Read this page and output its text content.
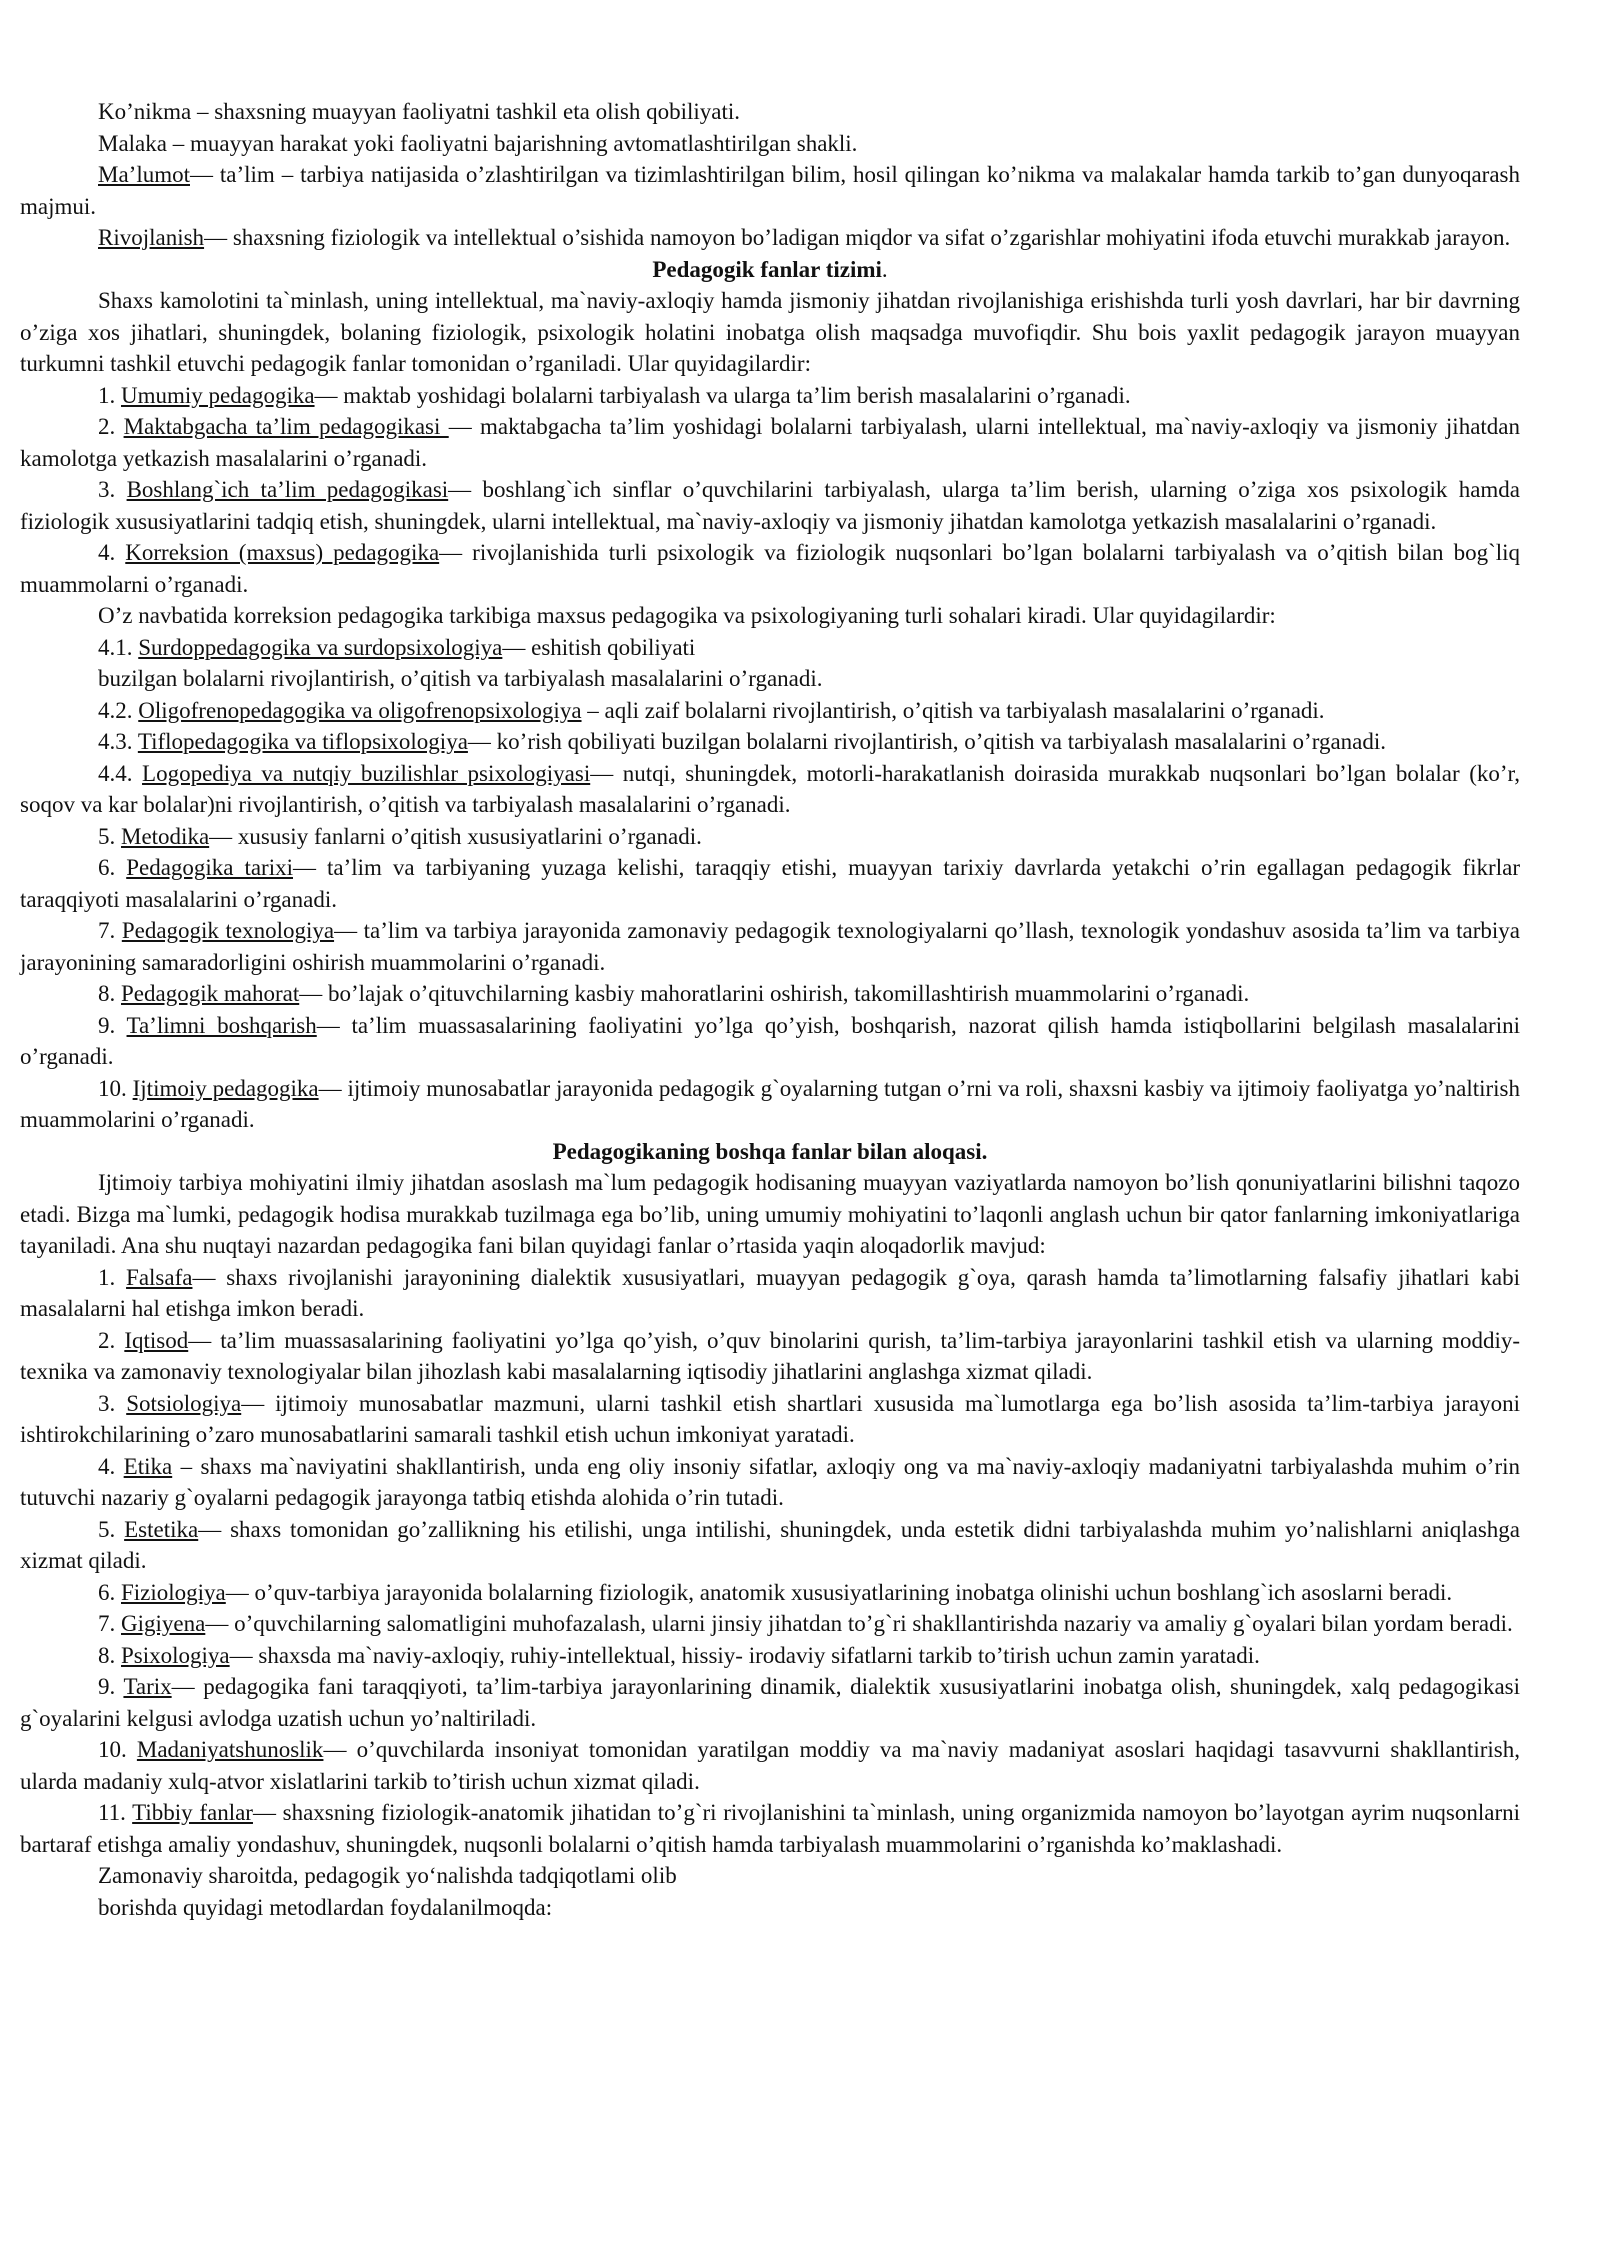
Ko’nikma – shaxsning muayyan faoliyatni tashkil eta olish qobiliyati.

Malaka – muayyan harakat yoki faoliyatni bajarishning avtomatlashtirilgan shakli.

Ma’lumot— ta’lim – tarbiya natijasida o’zlashtirilgan va tizimlashtirilgan bilim, hosil qilingan ko’nikma va malakalar hamda tarkib to’gan dunyoqarash majmui.

Rivojlanish— shaxsning fiziologik va intellektual o’sishida namoyon bo’ladigan miqdor va sifat o’zgarishlar mohiyatini ifoda etuvchi murakkab jarayon.

Pedagogik fanlar tizimi.

Shaxs kamolotini ta`minlash, uning intellektual, ma`naviy-axloqiy hamda jismoniy jihatdan rivojlanishiga erishishda turli yosh davrlari, har bir davrning o’ziga xos jihatlari, shuningdek, bolaning fiziologik, psixologik holatini inobatga olish maqsadga muvofiqdir. Shu bois yaxlit pedagogik jarayon muayyan turkumni tashkil etuvchi pedagogik fanlar tomonidan o’rganiladi. Ular quyidagilardir:

1. Umumiy pedagogika— maktab yoshidagi bolalarni tarbiyalash va ularga ta’lim berish masalalarini o’rganadi.

2. Maktabgacha ta’lim pedagogikasi — maktabgacha ta’lim yoshidagi bolalarni tarbiyalash, ularni intellektual, ma`naviy-axloqiy va jismoniy jihatdan kamolotga yetkazish masalalarini o’rganadi.

3. Boshlang`ich ta’lim pedagogikasi— boshlang`ich sinflar o’quvchilarini tarbiyalash, ularga ta’lim berish, ularning o’ziga xos psixologik hamda fiziologik xususiyatlarini tadqiq etish, shuningdek, ularni intellektual, ma`naviy-axloqiy va jismoniy jihatdan kamolotga yetkazish masalalarini o’rganadi.

4. Korreksion (maxsus) pedagogika— rivojlanishida turli psixologik va fiziologik nuqsonlari bo’lgan bolalarni tarbiyalash va o’qitish bilan bog`liq muammolarni o’rganadi.

O’z navbatida korreksion pedagogika tarkibiga maxsus pedagogika va psixologiyaning turli sohalari kiradi. Ular quyidagilardir:

4.1. Surdoppedagogika va surdopsixologiya— eshitish qobiliyati

buzilgan bolalarni rivojlantirish, o’qitish va tarbiyalash masalalarini o’rganadi.

4.2. Oligofrenopedagogika va oligofrenopsixologiya – aqli zaif bolalarni rivojlantirish, o’qitish va tarbiyalash masalalarini o’rganadi.

4.3. Tiflopedagogika va tiflopsixologiya— ko’rish qobiliyati buzilgan bolalarni rivojlantirish, o’qitish va tarbiyalash masalalarini o’rganadi.

4.4. Logopediya va nutqiy buzilishlar psixologiyasi— nutqi, shuningdek, motorli-harakatlanish doirasida murakkab nuqsonlari bo’lgan bolalar (ko’r, soqov va kar bolalar)ni rivojlantirish, o’qitish va tarbiyalash masalalarini o’rganadi.

5. Metodika— xususiy fanlarni o’qitish xususiyatlarini o’rganadi.

6. Pedagogika tarixi— ta’lim va tarbiyaning yuzaga kelishi, taraqqiy etishi, muayyan tarixiy davrlarda yetakchi o’rin egallagan pedagogik fikrlar taraqqiyoti masalalarini o’rganadi.

7. Pedagogik texnologiya— ta’lim va tarbiya jarayonida zamonaviy pedagogik texnologiyalarni qo’llash, texnologik yondashuv asosida ta’lim va tarbiya jarayonining samaradorligini oshirish muammolarini o’rganadi.

8. Pedagogik mahorat— bo’lajak o’qituvchilarning kasbiy mahoratlarini oshirish, takomillashtirish muammolarini o’rganadi.

9. Ta’limni boshqarish— ta’lim muassasalarining faoliyatini yo’lga qo’yish, boshqarish, nazorat qilish hamda istiqbollarini belgilash masalalarini o’rganadi.

10. Ijtimoiy pedagogika— ijtimoiy munosabatlar jarayonida pedagogik g`oyalarning tutgan o’rni va roli, shaxsni kasbiy va ijtimoiy faoliyatga yo’naltirish muammolarini o’rganadi.

Pedagogikaning boshqa fanlar bilan aloqasi.

Ijtimoiy tarbiya mohiyatini ilmiy jihatdan asoslash ma`lum pedagogik hodisaning muayyan vaziyatlarda namoyon bo’lish qonuniyatlarini bilishni taqozo etadi. Bizga ma`lumki, pedagogik hodisa murakkab tuzilmaga ega bo’lib, uning umumiy mohiyatini to’laqonli anglash uchun bir qator fanlarning imkoniyatlariga tayaniladi. Ana shu nuqtayi nazardan pedagogika fani bilan quyidagi fanlar o’rtasida yaqin aloqadorlik mavjud:

1. Falsafa— shaxs rivojlanishi jarayonining dialektik xususiyatlari, muayyan pedagogik g`oya, qarash hamda ta’limotlarning falsafiy jihatlari kabi masalalarni hal etishga imkon beradi.

2. Iqtisod— ta’lim muassasalarining faoliyatini yo’lga qo’yish, o’quv binolarini qurish, ta’lim-tarbiya jarayonlarini tashkil etish va ularning moddiy-texnika va zamonaviy texnologiyalar bilan jihozlash kabi masalalarning iqtisodiy jihatlarini anglashga xizmat qiladi.

3. Sotsiologiya— ijtimoiy munosabatlar mazmuni, ularni tashkil etish shartlari xususida ma`lumotlarga ega bo’lish asosida ta’lim-tarbiya jarayoni ishtirokchilarining o’zaro munosabatlarini samarali tashkil etish uchun imkoniyat yaratadi.

4. Etika – shaxs ma`naviyatini shakllantirish, unda eng oliy insoniy sifatlar, axloqiy ong va ma`naviy-axloqiy madaniyatni tarbiyalashda muhim o’rin tutuvchi nazariy g`oyalarni pedagogik jarayonga tatbiq etishda alohida o’rin tutadi.

5. Estetika— shaxs tomonidan go’zallikning his etilishi, unga intilishi, shuningdek, unda estetik didni tarbiyalashda muhim yo’nalishlarni aniqlashga xizmat qiladi.

6. Fiziologiya— o’quv-tarbiya jarayonida bolalarning fiziologik, anatomik xususiyatlarining inobatga olinishi uchun boshlang`ich asoslarni beradi.

7. Gigiyena— o’quvchilarning salomatligini muhofazalash, ularni jinsiy jihatdan to’g`ri shakllantirishda nazariy va amaliy g`oyalari bilan yordam beradi.

8. Psixologiya— shaxsda ma`naviy-axloqiy, ruhiy-intellektual, hissiy- irodaviy sifatlarni tarkib to’tirish uchun zamin yaratadi.

9. Tarix— pedagogika fani taraqqiyoti, ta’lim-tarbiya jarayonlarining dinamik, dialektik xususiyatlarini inobatga olish, shuningdek, xalq pedagogikasi g`oyalarini kelgusi avlodga uzatish uchun yo’naltiriladi.

10. Madaniyatshunoslik— o’quvchilarda insoniyat tomonidan yaratilgan moddiy va ma`naviy madaniyat asoslari haqidagi tasavvurni shakllantirish, ularda madaniy xulq-atvor xislatlarini tarkib to’tirish uchun xizmat qiladi.

11. Tibbiy fanlar— shaxsning fiziologik-anatomik jihatidan to’g`ri rivojlanishini ta`minlash, uning organizmida namoyon bo’layotgan ayrim nuqsonlarni bartaraf etishga amaliy yondashuv, shuningdek, nuqsonli bolalarni o’qitish hamda tarbiyalash muammolarini o’rganishda ko’maklashadi.

Zamonaviy sharoitda, pedagogik yo‘nalishda tadqiqotlami olib

borishda quyidagi metodlardan foydalanilmoqda:
